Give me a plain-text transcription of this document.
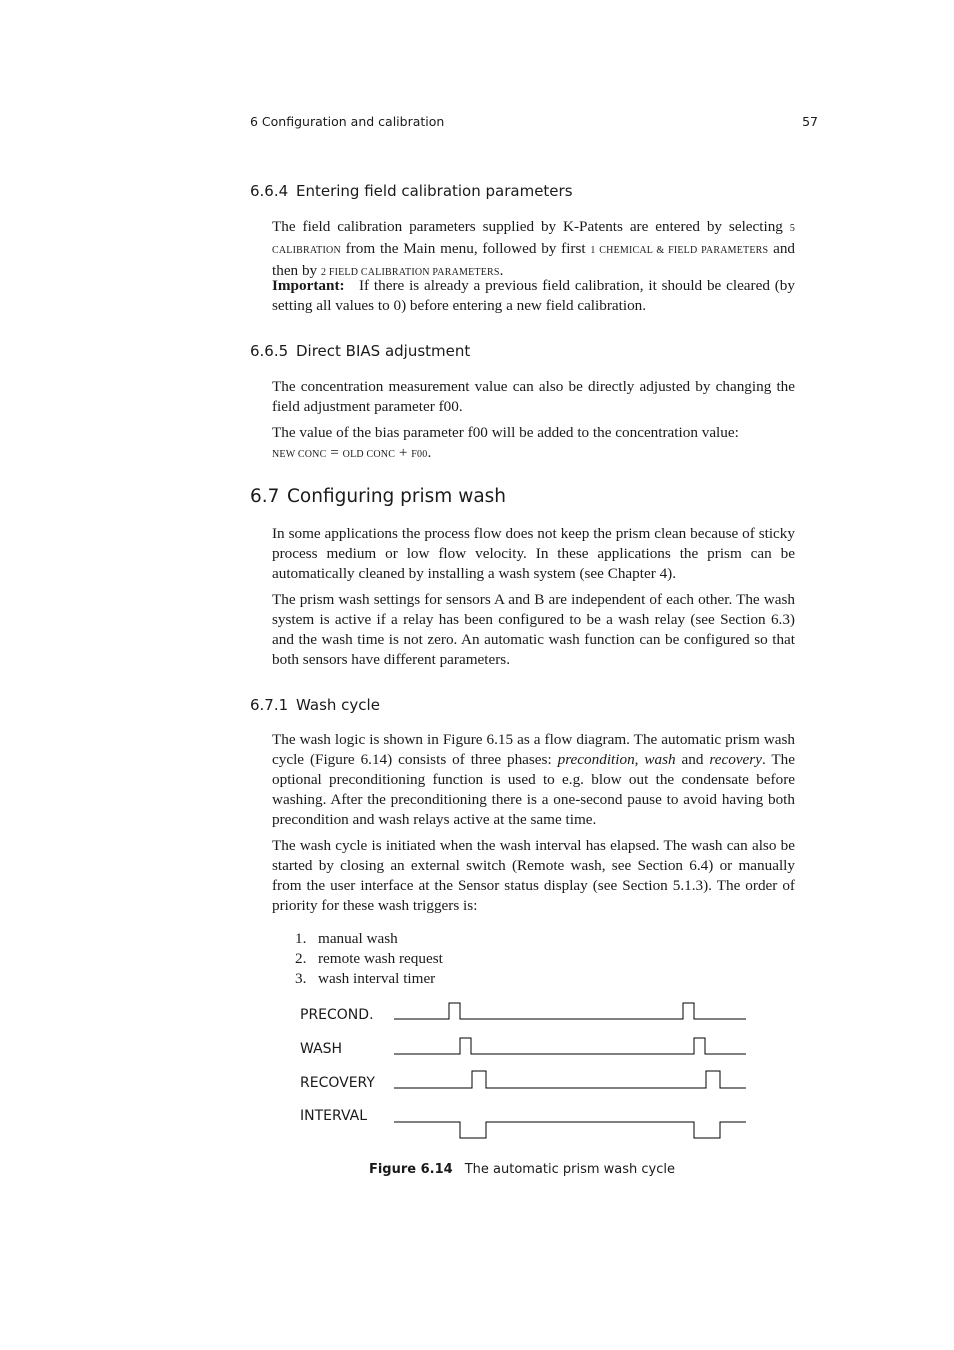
6 Configuration and calibration	57
6.6.4 Entering field calibration parameters
The field calibration parameters supplied by K-Patents are entered by selecting 5 CALIBRATION from the Main menu, followed by first 1 CHEMICAL & FIELD PARAMETERS and then by 2 FIELD CALIBRATION PARAMETERS.
Important: If there is already a previous field calibration, it should be cleared (by setting all values to 0) before entering a new field calibration.
6.6.5 Direct BIAS adjustment
The concentration measurement value can also be directly adjusted by changing the field adjustment parameter f00.
The value of the bias parameter f00 will be added to the concentration value:
NEW CONC = OLD CONC + F00.
6.7 Configuring prism wash
In some applications the process flow does not keep the prism clean because of sticky process medium or low flow velocity. In these applications the prism can be automatically cleaned by installing a wash system (see Chapter 4).
The prism wash settings for sensors A and B are independent of each other. The wash system is active if a relay has been configured to be a wash relay (see Section 6.3) and the wash time is not zero. An automatic wash function can be configured so that both sensors have different parameters.
6.7.1 Wash cycle
The wash logic is shown in Figure 6.15 as a flow diagram. The automatic prism wash cycle (Figure 6.14) consists of three phases: precondition, wash and recovery. The optional preconditioning function is used to e.g. blow out the condensate before washing. After the preconditioning there is a one-second pause to avoid having both precondition and wash relays active at the same time.
The wash cycle is initiated when the wash interval has elapsed. The wash can also be started by closing an external switch (Remote wash, see Section 6.4) or manually from the user interface at the Sensor status display (see Section 5.1.3). The order of priority for these wash triggers is:
1. manual wash
2. remote wash request
3. wash interval timer
PRECOND.
WASH
RECOVERY
INTERVAL
Figure 6.14 The automatic prism wash cycle
